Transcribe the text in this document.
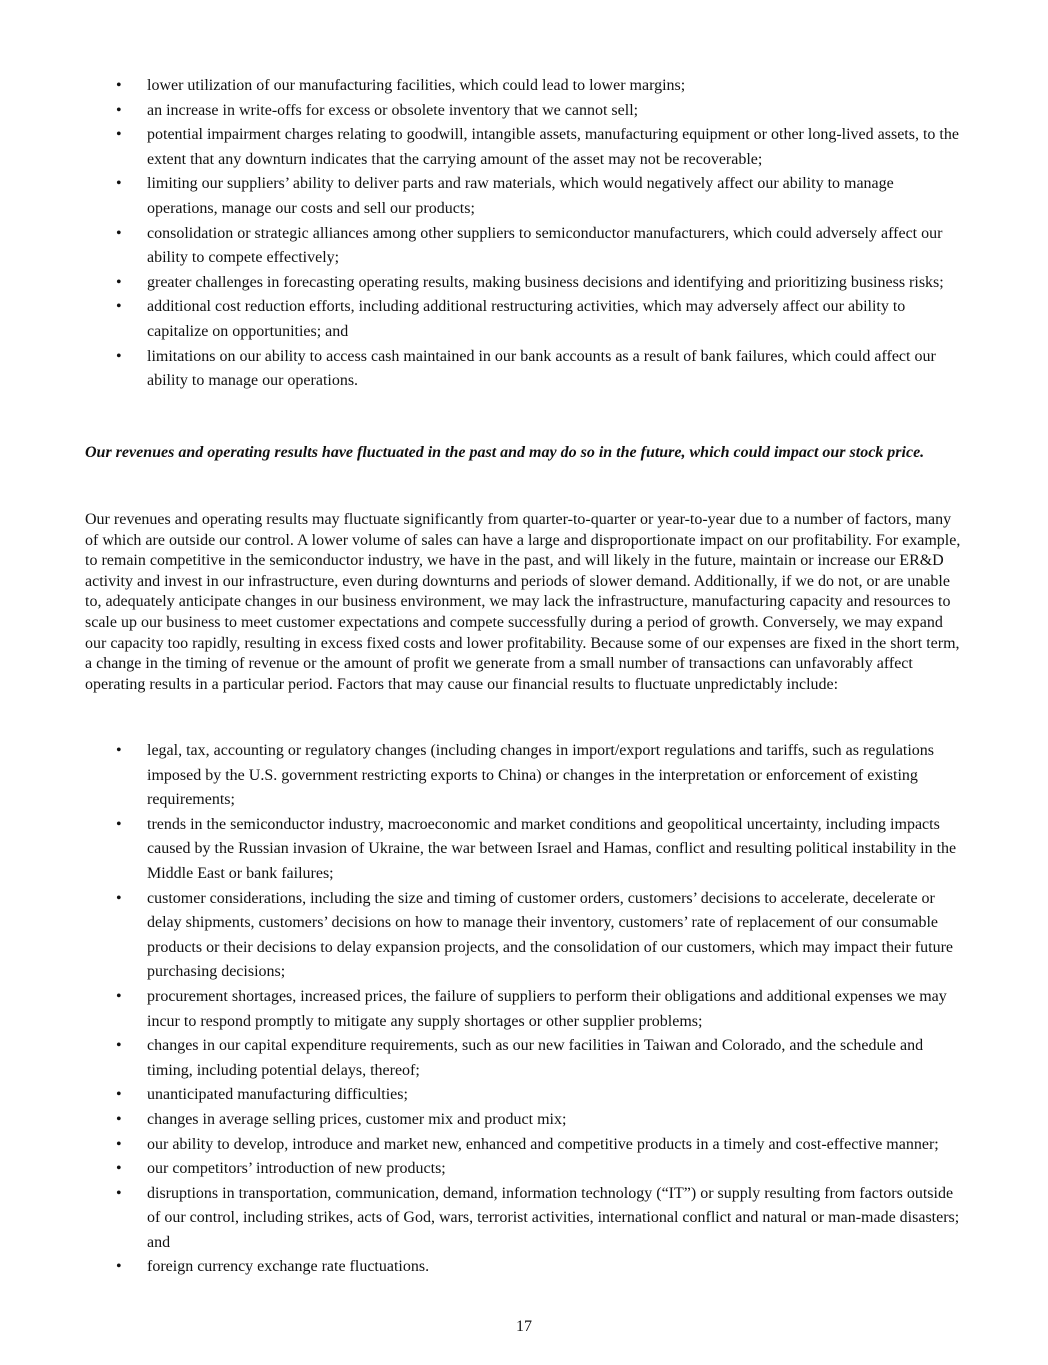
• lower utilization of our manufacturing facilities, which could lead to lower margins;
• an increase in write-offs for excess or obsolete inventory that we cannot sell;
• potential impairment charges relating to goodwill, intangible assets, manufacturing equipment or other long-lived assets, to the extent that any downturn indicates that the carrying amount of the asset may not be recoverable;
• limiting our suppliers’ ability to deliver parts and raw materials, which would negatively affect our ability to manage operations, manage our costs and sell our products;
• consolidation or strategic alliances among other suppliers to semiconductor manufacturers, which could adversely affect our ability to compete effectively;
• greater challenges in forecasting operating results, making business decisions and identifying and prioritizing business risks;
• additional cost reduction efforts, including additional restructuring activities, which may adversely affect our ability to capitalize on opportunities; and
• limitations on our ability to access cash maintained in our bank accounts as a result of bank failures, which could affect our ability to manage our operations.
Our revenues and operating results have fluctuated in the past and may do so in the future, which could impact our stock price.

Our revenues and operating results may fluctuate significantly from quarter-to-quarter or year-to-year due to a number of factors, many of which are outside our control. A lower volume of sales can have a large and disproportionate impact on our profitability. For example, to remain competitive in the semiconductor industry, we have in the past, and will likely in the future, maintain or increase our ER&D activity and invest in our infrastructure, even during downturns and periods of slower demand. Additionally, if we do not, or are unable to, adequately anticipate changes in our business environment, we may lack the infrastructure, manufacturing capacity and resources to scale up our business to meet customer expectations and compete successfully during a period of growth. Conversely, we may expand our capacity too rapidly, resulting in excess fixed costs and lower profitability. Because some of our expenses are fixed in the short term, a change in the timing of revenue or the amount of profit we generate from a small number of transactions can unfavorably affect operating results in a particular period. Factors that may cause our financial results to fluctuate unpredictably include:

• legal, tax, accounting or regulatory changes (including changes in import/export regulations and tariffs, such as regulations imposed by the U.S. government restricting exports to China) or changes in the interpretation or enforcement of existing requirements;
• trends in the semiconductor industry, macroeconomic and market conditions and geopolitical uncertainty, including impacts caused by the Russian invasion of Ukraine, the war between Israel and Hamas, conflict and resulting political instability in the Middle East or bank failures;
• customer considerations, including the size and timing of customer orders, customers’ decisions to accelerate, decelerate or delay shipments, customers’ decisions on how to manage their inventory, customers’ rate of replacement of our consumable products or their decisions to delay expansion projects, and the consolidation of our customers, which may impact their future purchasing decisions;
• procurement shortages, increased prices, the failure of suppliers to perform their obligations and additional expenses we may incur to respond promptly to mitigate any supply shortages or other supplier problems;
• changes in our capital expenditure requirements, such as our new facilities in Taiwan and Colorado, and the schedule and timing, including potential delays, thereof;
• unanticipated manufacturing difficulties;
• changes in average selling prices, customer mix and product mix;
• our ability to develop, introduce and market new, enhanced and competitive products in a timely and cost-effective manner;
• our competitors’ introduction of new products;
• disruptions in transportation, communication, demand, information technology (“IT”) or supply resulting from factors outside of our control, including strikes, acts of God, wars, terrorist activities, international conflict and natural or man-made disasters; and
• foreign currency exchange rate fluctuations.
17
